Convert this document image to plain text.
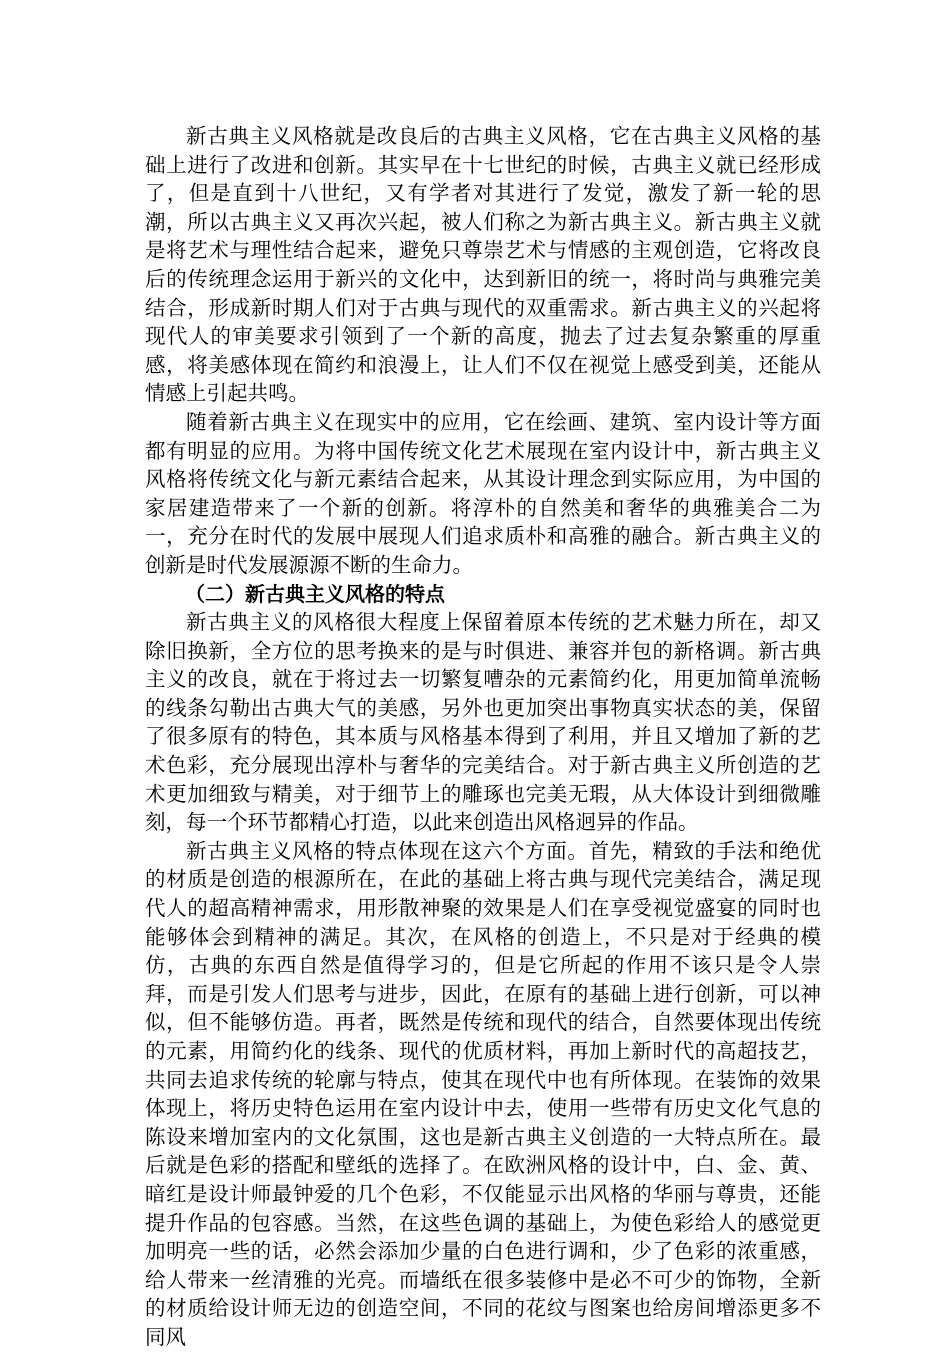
新古典主义风格就是改良后的古典主义风格，它在古典主义风格的基础上进行了改进和创新。其实早在十七世纪的时候，古典主义就已经形成了，但是直到十八世纪，又有学者对其进行了发觉，激发了新一轮的思潮，所以古典主义又再次兴起，被人们称之为新古典主义。新古典主义就是将艺术与理性结合起来，避免只尊崇艺术与情感的主观创造，它将改良后的传统理念运用于新兴的文化中，达到新旧的统一，将时尚与典雅完美结合，形成新时期人们对于古典与现代的双重需求。新古典主义的兴起将现代人的审美要求引领到了一个新的高度，抛去了过去复杂繁重的厚重感，将美感体现在简约和浪漫上，让人们不仅在视觉上感受到美，还能从情感上引起共鸣。

随着新古典主义在现实中的应用，它在绘画、建筑、室内设计等方面都有明显的应用。为将中国传统文化艺术展现在室内设计中，新古典主义风格将传统文化与新元素结合起来，从其设计理念到实际应用，为中国的家居建造带来了一个新的创新。将淳朴的自然美和奢华的典雅美合二为一，充分在时代的发展中展现人们追求质朴和高雅的融合。新古典主义的创新是时代发展源源不断的生命力。

（二）新古典主义风格的特点

新古典主义的风格很大程度上保留着原本传统的艺术魅力所在，却又除旧换新，全方位的思考换来的是与时俱进、兼容并包的新格调。新古典主义的改良，就在于将过去一切繁复嘈杂的元素简约化，用更加简单流畅的线条勾勒出古典大气的美感，另外也更加突出事物真实状态的美，保留了很多原有的特色，其本质与风格基本得到了利用，并且又增加了新的艺术色彩，充分展现出淳朴与奢华的完美结合。对于新古典主义所创造的艺术更加细致与精美，对于细节上的雕琢也完美无瑕，从大体设计到细微雕刻，每一个环节都精心打造，以此来创造出风格迥异的作品。

新古典主义风格的特点体现在这六个方面。首先，精致的手法和绝优的材质是创造的根源所在，在此的基础上将古典与现代完美结合，满足现代人的超高精神需求，用形散神聚的效果是人们在享受视觉盛宴的同时也能够体会到精神的满足。其次，在风格的创造上，不只是对于经典的模仿，古典的东西自然是值得学习的，但是它所起的作用不该只是令人崇拜，而是引发人们思考与进步，因此，在原有的基础上进行创新，可以神似，但不能够仿造。再者，既然是传统和现代的结合，自然要体现出传统的元素，用简约化的线条、现代的优质材料，再加上新时代的高超技艺，共同去追求传统的轮廓与特点，使其在现代中也有所体现。在装饰的效果体现上，将历史特色运用在室内设计中去，使用一些带有历史文化气息的陈设来增加室内的文化氛围，这也是新古典主义创造的一大特点所在。最后就是色彩的搭配和壁纸的选择了。在欧洲风格的设计中，白、金、黄、暗红是设计师最钟爱的几个色彩，不仅能显示出风格的华丽与尊贵，还能提升作品的包容感。当然，在这些色调的基础上，为使色彩给人的感觉更加明亮一些的话，必然会添加少量的白色进行调和，少了色彩的浓重感，给人带来一丝清雅的光亮。而墙纸在很多装修中是必不可少的饰物，全新的材质给设计师无边的创造空间，不同的花纹与图案也给房间增添更多不同风
